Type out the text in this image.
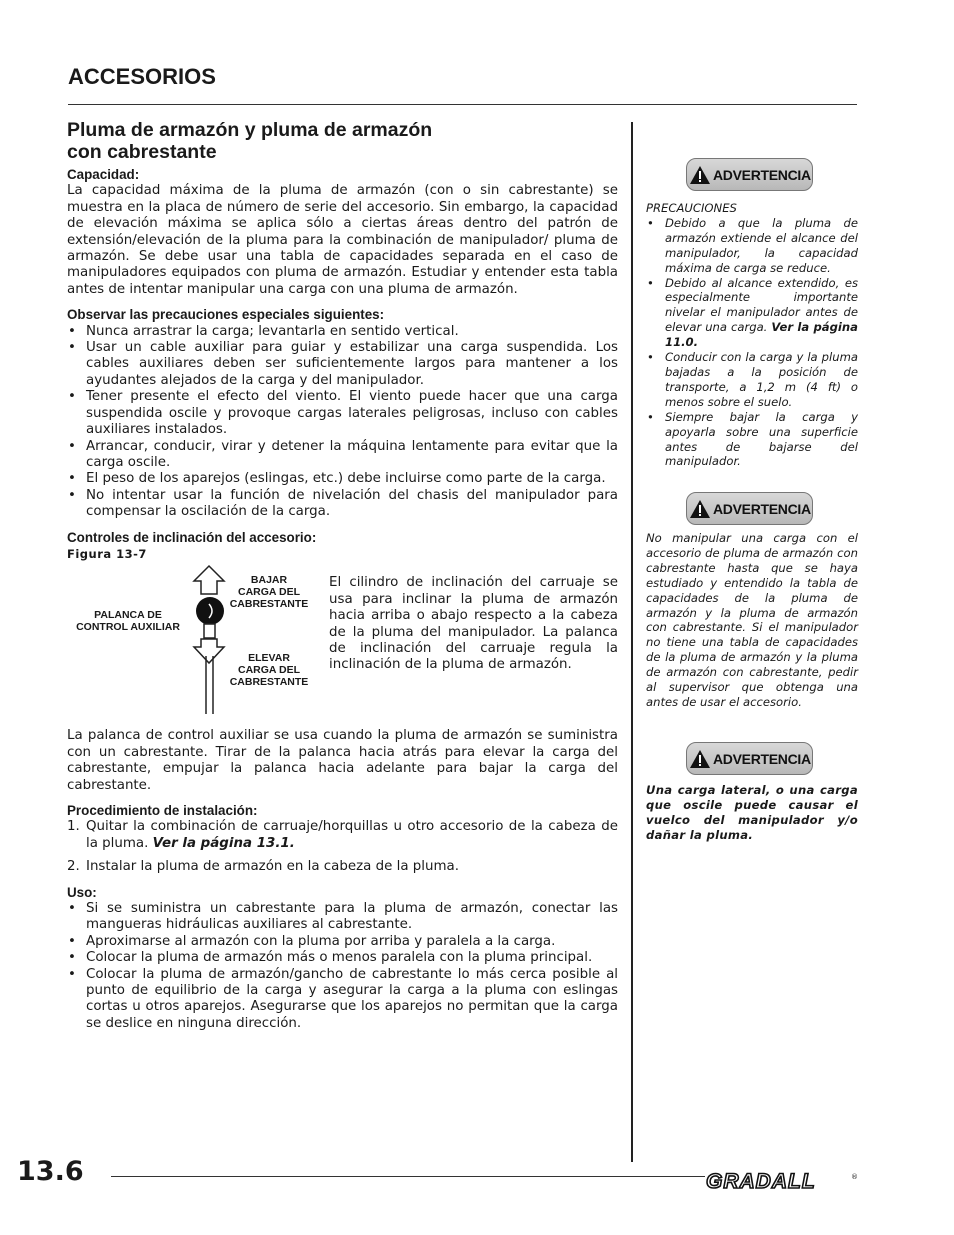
ACCESORIOS
Pluma de armazón y pluma de armazón
con cabrestante

Capacidad:

La capacidad máxima de la pluma de armazón (con o sin cabrestante) se muestra en la placa de número de serie del accesorio. Sin embargo, la capacidad de elevación máxima se aplica sólo a ciertas áreas dentro del patrón de extensión/elevación de la pluma para la combinación de manipulador/ pluma de armazón. Se debe usar una tabla de capacidades separada en el caso de manipuladores equipados con pluma de armazón. Estudiar y entender esta tabla antes de intentar manipular una carga con una pluma de armazón.

Observar las precauciones especiales siguientes:

• Nunca arrastrar la carga; levantarla en sentido vertical.
• Usar un cable auxiliar para guiar y estabilizar una carga suspendida. Los cables auxiliares deben ser suficientemente largos para mantener a los ayudantes alejados de la carga y del manipulador.
• Tener presente el efecto del viento. El viento puede hacer que una carga suspendida oscile y provoque cargas laterales peligrosas, incluso con cables auxiliares instalados.
• Arrancar, conducir, virar y detener la máquina lentamente para evitar que la carga oscile.
• El peso de los aparejos (eslingas, etc.) debe incluirse como parte de la carga.
• No intentar usar la función de nivelación del chasis del manipulador para compensar la oscilación de la carga.

Controles de inclinación del accesorio:

Figura 13-7

BAJAR
CARGA DEL
CABRESTANTE
ELEVAR
CARGA DEL
CABRESTANTE
PALANCA DE
CONTROL AUXILIAR
El cilindro de inclinación del carruaje se usa para inclinar la pluma de armazón hacia arriba o abajo respecto a la cabeza de la pluma del manipulador. La palanca de inclinación del carruaje regula la inclinación de la pluma de armazón.

La palanca de control auxiliar se usa cuando la pluma de armazón se suministra con un cabrestante. Tirar de la palanca hacia atrás para elevar la carga del cabrestante, empujar la palanca hacia adelante para bajar la carga del cabrestante.

Procedimiento de instalación:

1. Quitar la combinación de carruaje/horquillas u otro accesorio de la cabeza de la pluma. Ver la página 13.1.
2. Instalar la pluma de armazón en la cabeza de la pluma.

Uso:

• Si se suministra un cabrestante para la pluma de armazón, conectar las mangueras hidráulicas auxiliares al cabrestante.
• Aproximarse al armazón con la pluma por arriba y paralela a la carga.
• Colocar la pluma de armazón más o menos paralela con la pluma principal.
• Colocar la pluma de armazón/gancho de cabrestante lo más cerca posible al punto de equilibrio de la carga y asegurar la carga a la pluma con eslingas cortas u otros aparejos. Asegurarse que los aparejos no permitan que la carga se deslice en ninguna dirección.
ADVERTENCIA

PRECAUCIONES

• Debido a que la pluma de armazón extiende el alcance del manipulador, la capacidad máxima de carga se reduce.
• Debido al alcance extendido, es especialmente importante nivelar el manipulador antes de elevar una carga. Ver la página 11.0.
• Conducir con la carga y la pluma bajadas a la posición de transporte, a 1,2 m (4 ft) o menos sobre el suelo.
• Siempre bajar la carga y apoyarla sobre una superficie antes de bajarse del manipulador.
ADVERTENCIA

No manipular una carga con el accesorio de pluma de armazón con cabrestante hasta que se haya estudiado y entendido la tabla de capacidades de la pluma de armazón y la pluma de armazón con cabrestante. Si el manipulador no tiene una tabla de capacidades de la pluma de armazón y la pluma de armazón con cabrestante, pedir al supervisor que obtenga una antes de usar el accesorio.

ADVERTENCIA

Una carga lateral, o una carga que oscile puede causar el vuelco del manipulador y/o dañar la pluma.

13.6	GRADALL	®
